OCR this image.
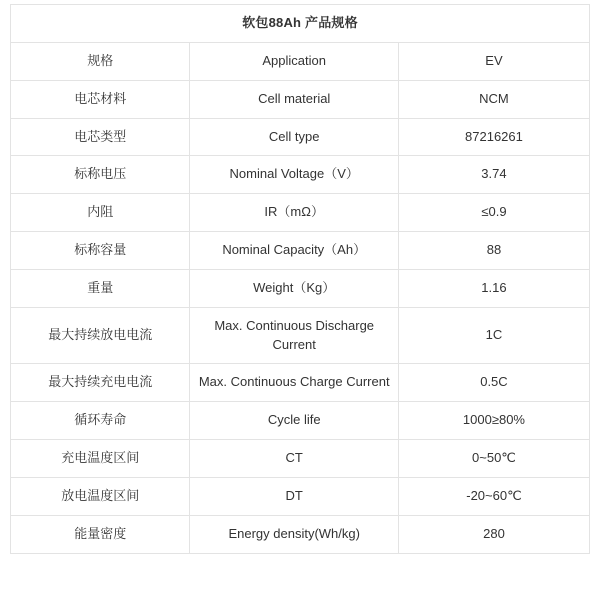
软包88Ah 产品规格		
规格	Application	EV
电芯材料	Cell material	NCM
电芯类型	Cell type	87216261
标称电压	Nominal Voltage（V）	3.74
内阻	IR（mΩ）	≤0.9
标称容量	Nominal Capacity（Ah）	88
重量	Weight（Kg）	1.16
最大持续放电电流	Max. Continuous Discharge Current	1C
最大持续充电电流	Max. Continuous Charge Current	0.5C
循环寿命	Cycle life	1000≥80%
充电温度区间	CT	0~50℃
放电温度区间	DT	-20~60℃
能量密度	Energy density(Wh/kg)	280
